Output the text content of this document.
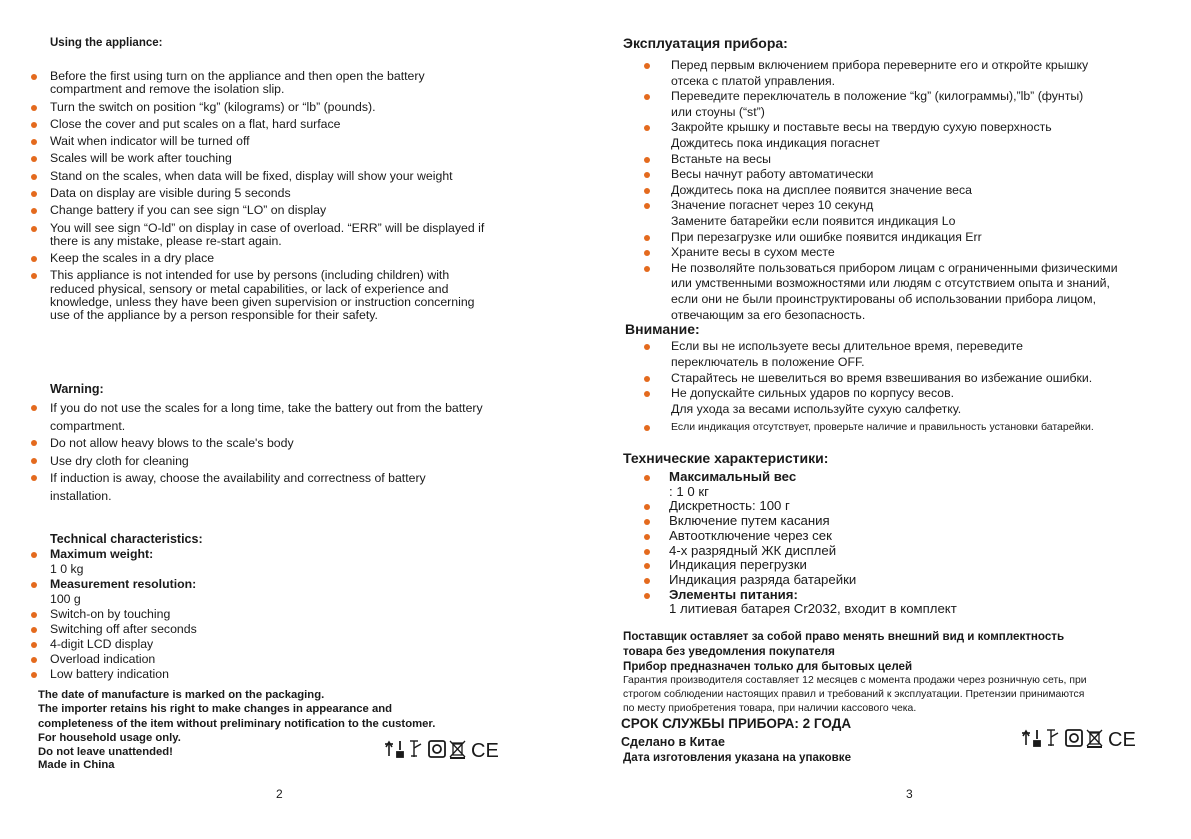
Using the appliance:
Before the first using turn on the appliance and then open the battery
compartment and remove the isolation slip.
Turn the switch on position “kg” (kilograms) or “lb” (pounds).
Close the cover and put scales on a flat, hard surface
Wait when indicator will be turned off
Scales will be work after touching
Stand on the scales, when data will be fixed, display will show your weight
Data on display are visible during 5 seconds
Change battery if you can see sign “LO” on display
You will see sign “O-ld” on display in case of overload. “ERR” will be displayed if
there is any mistake, please re-start again.
Keep the scales in a dry place
This appliance is not intended for use by persons (including children) with
reduced physical, sensory or metal capabilities, or lack of experience and
knowledge, unless they have been given supervision or instruction concerning
use of the appliance by a person responsible for their safety.
Warning:
If you do not use the scales for a long time, take the battery out from the battery
compartment.
Do not allow heavy blows to the scale's body
Use dry cloth for cleaning
If induction is away, choose the availability and correctness of battery
installation.
Technical characteristics:
Maximum weight:
1 0 kg
Measurement resolution:
100 g
Switch-on by touching
Switching off after seconds
4-digit LCD display
Overload indication
Low battery indication
The date of manufacture is marked on the packaging.
The importer retains his right to make changes in appearance and
completeness of the item without preliminary notification to the customer.
For household usage only.
Do not leave unattended!
Made in China
CE
2
Эксплуатация прибора:
Перед первым включением прибора переверните его и откройте крышку
отсека с платой управления.
Переведите переключатель в положение “kg” (килограммы),”lb” (фунты)
или стоуны (“st”)
Закройте крышку и поставьте весы на твердую сухую поверхность
Дождитесь пока индикация погаснет
Встаньте на весы
Весы начнут работу автоматически
Дождитесь пока на дисплее появится значение веса
Значение погаснет через 10 секунд
Замените батарейки если появится индикация Lo
При перезагрузке или ошибке появится индикация Err
Храните весы в сухом месте
Не позволяйте пользоваться прибором лицам с ограниченными физическими
или умственными возможностями или людям с отсутствием опыта и знаний,
если они не были проинструктированы об использовании прибора лицом,
отвечающим за его безопасность.
Внимание:
Если вы не используете весы длительное время, переведите
переключатель в положение OFF.
Старайтесь не шевелиться во время взвешивания во избежание ошибки.
Не допускайте сильных ударов по корпусу весов.
Для ухода за весами используйте сухую салфетку.
Если индикация отсутствует, проверьте наличие и правильность установки батарейки.
Технические характеристики:
Максимальный вес
: 1 0 кг
Дискретность: 100 г
Включение путем касания
Автоотключение через сек
4-х разрядный ЖК дисплей
Индикация перегрузки
Индикация разряда батарейки
Элементы питания:
1 литиевая батарея Cr2032, входит в комплект
Поставщик оставляет за собой право менять внешний вид и комплектность
товара без уведомления покупателя
Прибор предназначен только для бытовых целей
Гарантия производителя составляет 12 месяцев с момента продажи через розничную сеть, при
строгом соблюдении настоящих правил и требований к эксплуатации. Претензии принимаются
по месту приобретения товара, при наличии кассового чека.
СРОК СЛУЖБЫ ПРИБОРА: 2 ГОДА
Сделано в Китае
Дата изготовления указана на упаковке
CE
3
